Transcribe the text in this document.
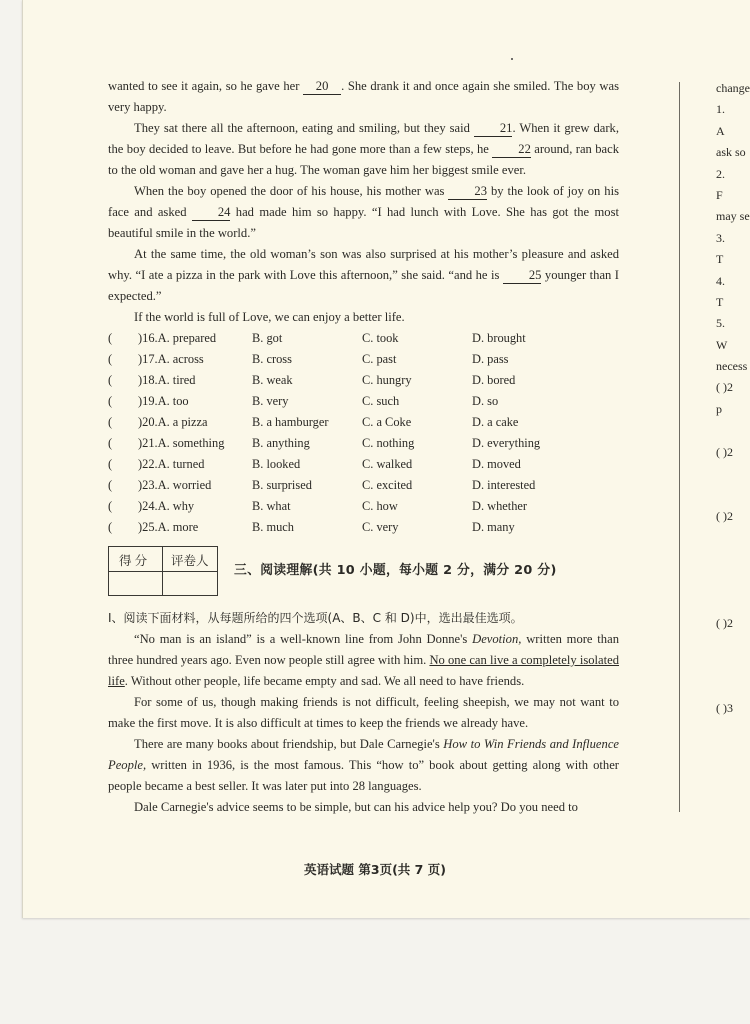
wanted to see it again, so he gave her 20 . She drank it and once again she smiled. The boy was very happy.

They sat there all the afternoon, eating and smiling, but they said 21. When it grew dark, the boy decided to leave. But before he had gone more than a few steps, he 22 around, ran back to the old woman and gave her a hug. The woman gave him her biggest smile ever.

When the boy opened the door of his house, his mother was 23 by the look of joy on his face and asked 24 had made him so happy. “I had lunch with Love. She has got the most beautiful smile in the world.”

At the same time, the old woman’s son was also surprised at his mother’s pleasure and asked why. “I ate a pizza in the park with Love this afternoon,” she said. “and he is 25 younger than I expected.”

If the world is full of Love, we can enjoy a better life.

(	)16.A. prepared	B. got	C. took	D. brought
(	)17.A. across	B. cross	C. past	D. pass
(	)18.A. tired	B. weak	C. hungry	D. bored
(	)19.A. too	B. very	C. such	D. so
(	)20.A. a pizza	B. a hamburger	C. a Coke	D. a cake
(	)21.A. something	B. anything	C. nothing	D. everything
(	)22.A. turned	B. looked	C. walked	D. moved
(	)23.A. worried	B. surprised	C. excited	D. interested
(	)24.A. why	B. what	C. how	D. whether
(	)25.A. more	B. much	C. very	D. many
得 分 评卷人
三、阅读理解(共 10 小题，每小题 2 分，满分 20 分)

I、阅读下面材料，从每题所给的四个选项(A、B、C 和 D)中，选出最佳选项。

“No man is an island” is a well-known line from John Donne's Devotion, written more than three hundred years ago. Even now people still agree with him. No one can live a completely isolated life. Without other people, life became empty and sad. We all need to have friends.

For some of us, though making friends is not difficult, feeling sheepish, we may not want to make the first move. It is also difficult at times to keep the friends we already have.

There are many books about friendship, but Dale Carnegie's How to Win Friends and Influence People, written in 1936, is the most famous. This “how to” book about getting along with other people became a best seller. It was later put into 28 languages.

Dale Carnegie's advice seems to be simple, but can his advice help you? Do you need to

英语试题 第3页(共 7 页)
change
1.
A
ask so
2.
F
may se
3.
T
4.
T
5.
W
necess
( )2
p
( )2
( )2
( )2
( )3
